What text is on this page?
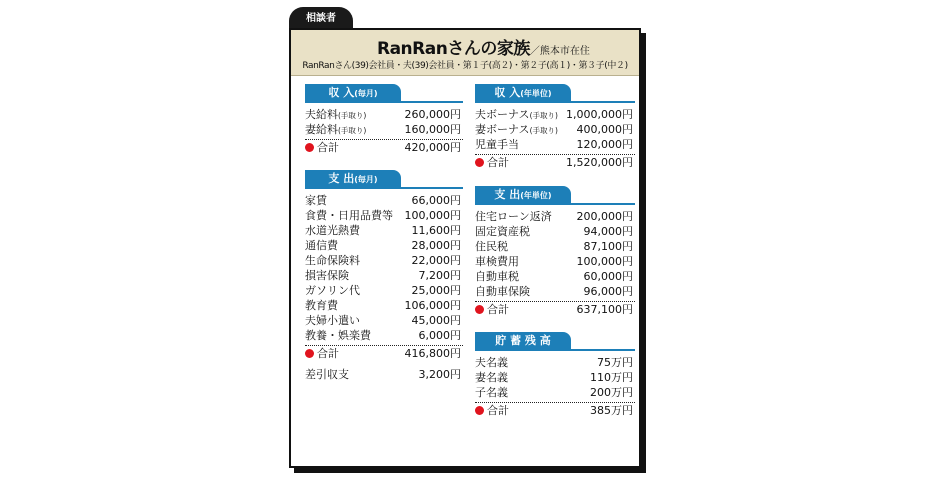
相談者
RanRanさんの家族／熊本市在住
RanRanさん(39)会社員・夫(39)会社員・第１子(高２)・第２子(高１)・第３子(中２)
収 入(毎月)
夫給料(手取り)	260,000円
妻給料(手取り)	160,000円
合計	420,000円
支 出(毎月)
家賃	66,000円
食費・日用品費等 100,000円
水道光熱費	11,600円
通信費	28,000円
生命保険料	22,000円
損害保険	7,200円
ガソリン代	25,000円
教育費	106,000円
夫婦小遣い	45,000円
教養・娯楽費	6,000円
合計	416,800円
差引収支	3,200円
収 入(年単位)
夫ボーナス(手取り) 1,000,000円
妻ボーナス(手取り) 400,000円
児童手当	120,000円
合計	1,520,000円
支 出(年単位)
住宅ローン返済 200,000円
固定資産税	94,000円
住民税	87,100円
車検費用	100,000円
自動車税	60,000円
自動車保険	96,000円
合計	637,100円
貯 蓄 残 高
夫名義	75万円
妻名義	110万円
子名義	200万円
合計	385万円
